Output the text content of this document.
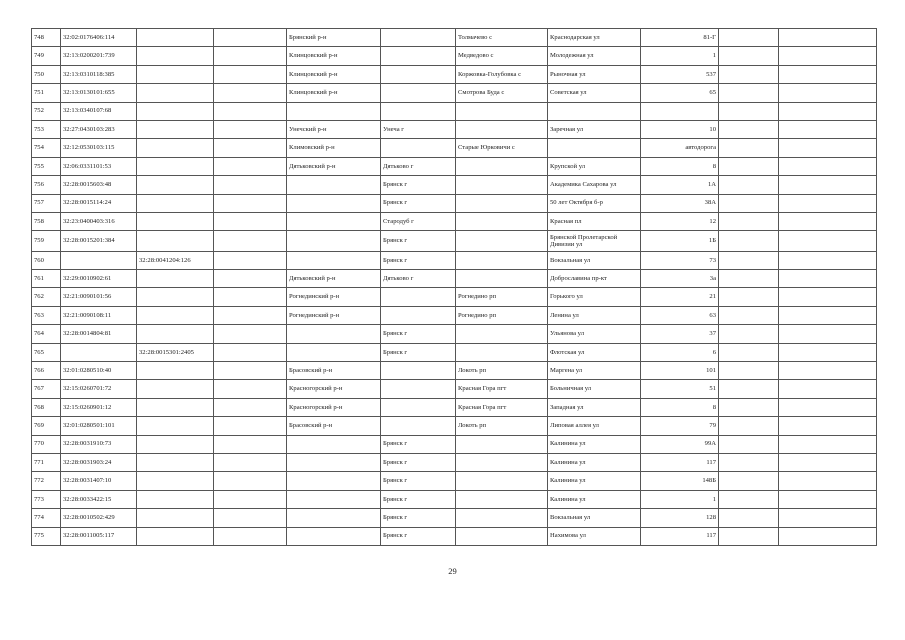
748	32:02:0176406:114			Брянский р-н		Толмачево с	Краснодарская ул	81-Г		
749	32:13:0200201:739			Клинцовский р-н		Медведово с	Молодежная ул	1		
750	32:13:0310118:385			Клинцовский р-н		Коржовка-Голубовка с	Рыночная ул	537		
751	32:13:0130101:655			Клинцовский р-н		Смотрова Буда с	Советская ул	65		
752	32:13:0340107:68									
753	32:27:0430103:283			Унечский р-н	Унеча г		Заречная ул	10		
754	32:12:0530103:115			Климовский р-н		Старые Юрковичи с		автодорога		
755	32:06:0331101:53			Дятьковский р-н	Дятьково г		Крупской ул	8		
756	32:28:0015603:48				Брянск г		Академика Сахарова ул	1А		
757	32:28:0015114:24				Брянск г		50 лет Октября б-р	38А		
758	32:23:0400403:316				Стародуб г		Красная пл	12		
759	32:28:0015201:384				Брянск г		Брянской Пролетарской Дивизии ул	1Б		
760		32:28:0041204:126			Брянск г		Вокзальная ул	73		
761	32:29:0010902:61			Дятьковский р-н	Дятьково г		Доброславина пр-кт	3а		
762	32:21:0090101:56			Рогнединский р-н		Рогнедино рп	Горького ул	21		
763	32:21:0090108:11			Рогнединский р-н		Рогнедино рп	Ленина ул	63		
764	32:28:0014804:81				Брянск г		Ульянова ул	37		
765		32:28:0015301:2405			Брянск г		Флотская ул	6		
766	32:01:0280510:40			Брасовский р-н		Локоть рп	Маргена ул	101		
767	32:15:0260701:72			Красногорский р-н		Красная Гора пгт	Больничная ул	51		
768	32:15:0260901:12			Красногорский р-н		Красная Гора пгт	Западная ул	8		
769	32:01:0280501:101			Брасовский р-н		Локоть рп	Липовая аллея ул	79		
770	32:28:0031910:73				Брянск г		Калинина ул	99А		
771	32:28:0031903:24				Брянск г		Калинина ул	117		
772	32:28:0031407:10				Брянск г		Калинина ул	148Б		
773	32:28:0033422:15				Брянск г		Калинина ул	1		
774	32:28:0010502:429				Брянск г		Вокзальная ул	128		
775	32:28:0011005:117				Брянск г		Нахимова ул	117		
29
